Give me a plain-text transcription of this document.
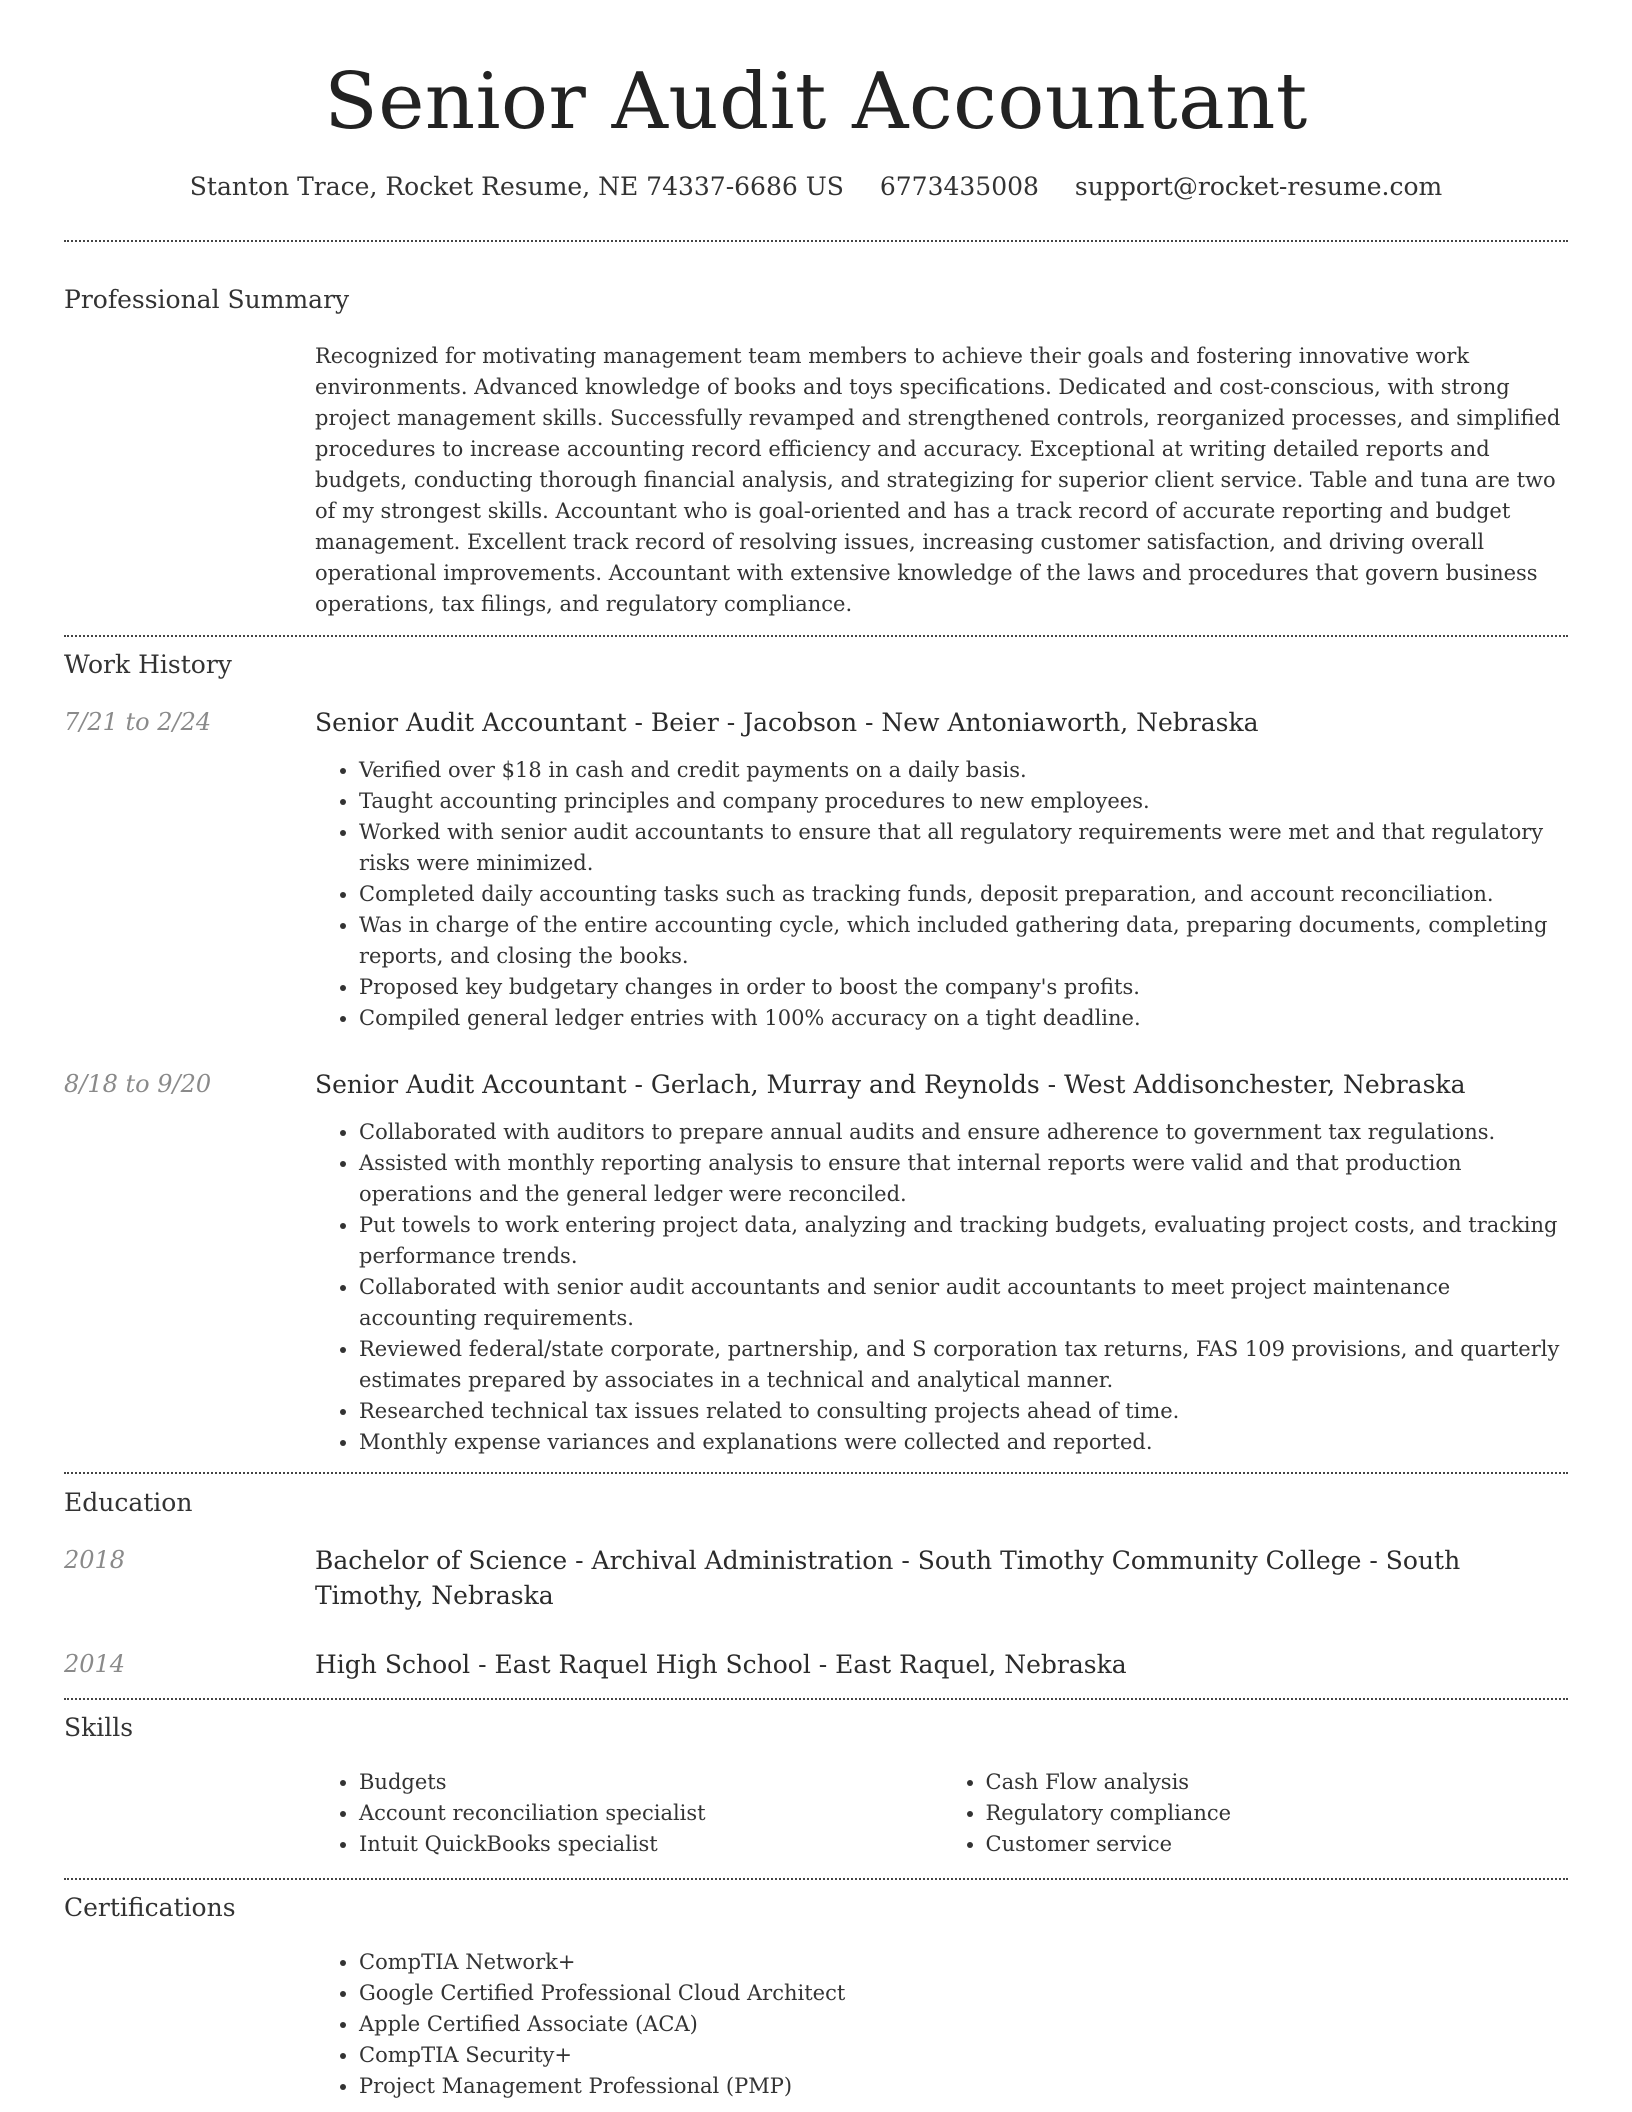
Senior Audit Accountant
Stanton Trace, Rocket Resume, NE 74337-6686 US 6773435008 support@rocket-resume.com
Professional Summary

Recognized for motivating management team members to achieve their goals and fostering innovative work environments. Advanced knowledge of books and toys specifications. Dedicated and cost-conscious, with strong project management skills. Successfully revamped and strengthened controls, reorganized processes, and simplified procedures to increase accounting record efficiency and accuracy. Exceptional at writing detailed reports and budgets, conducting thorough financial analysis, and strategizing for superior client service. Table and tuna are two of my strongest skills. Accountant who is goal-oriented and has a track record of accurate reporting and budget management. Excellent track record of resolving issues, increasing customer satisfaction, and driving overall operational improvements. Accountant with extensive knowledge of the laws and procedures that govern business operations, tax filings, and regulatory compliance.

Work History
7/21 to 2/24	Senior Audit Accountant - Beier - Jacobson - New Antoniaworth, Nebraska

• Verified over $18 in cash and credit payments on a daily basis.
• Taught accounting principles and company procedures to new employees.
• Worked with senior audit accountants to ensure that all regulatory requirements were met and that regulatory risks were minimized.
• Completed daily accounting tasks such as tracking funds, deposit preparation, and account reconciliation.
• Was in charge of the entire accounting cycle, which included gathering data, preparing documents, completing reports, and closing the books.
• Proposed key budgetary changes in order to boost the company's profits.
• Compiled general ledger entries with 100% accuracy on a tight deadline.
8/18 to 9/20	Senior Audit Accountant - Gerlach, Murray and Reynolds - West Addisonchester, Nebraska

• Collaborated with auditors to prepare annual audits and ensure adherence to government tax regulations.
• Assisted with monthly reporting analysis to ensure that internal reports were valid and that production operations and the general ledger were reconciled.
• Put towels to work entering project data, analyzing and tracking budgets, evaluating project costs, and tracking performance trends.
• Collaborated with senior audit accountants and senior audit accountants to meet project maintenance accounting requirements.
• Reviewed federal/state corporate, partnership, and S corporation tax returns, FAS 109 provisions, and quarterly estimates prepared by associates in a technical and analytical manner.
• Researched technical tax issues related to consulting projects ahead of time.
• Monthly expense variances and explanations were collected and reported.
Education
2018	Bachelor of Science - Archival Administration - South Timothy Community College - South Timothy, Nebraska

2014	High School - East Raquel High School - East Raquel, Nebraska

Skills
• Budgets
• Account reconciliation specialist
• Intuit QuickBooks specialist
• Cash Flow analysis
• Regulatory compliance
• Customer service
Certifications
• CompTIA Network+
• Google Certified Professional Cloud Architect
• Apple Certified Associate (ACA)
• CompTIA Security+
• Project Management Professional (PMP)
